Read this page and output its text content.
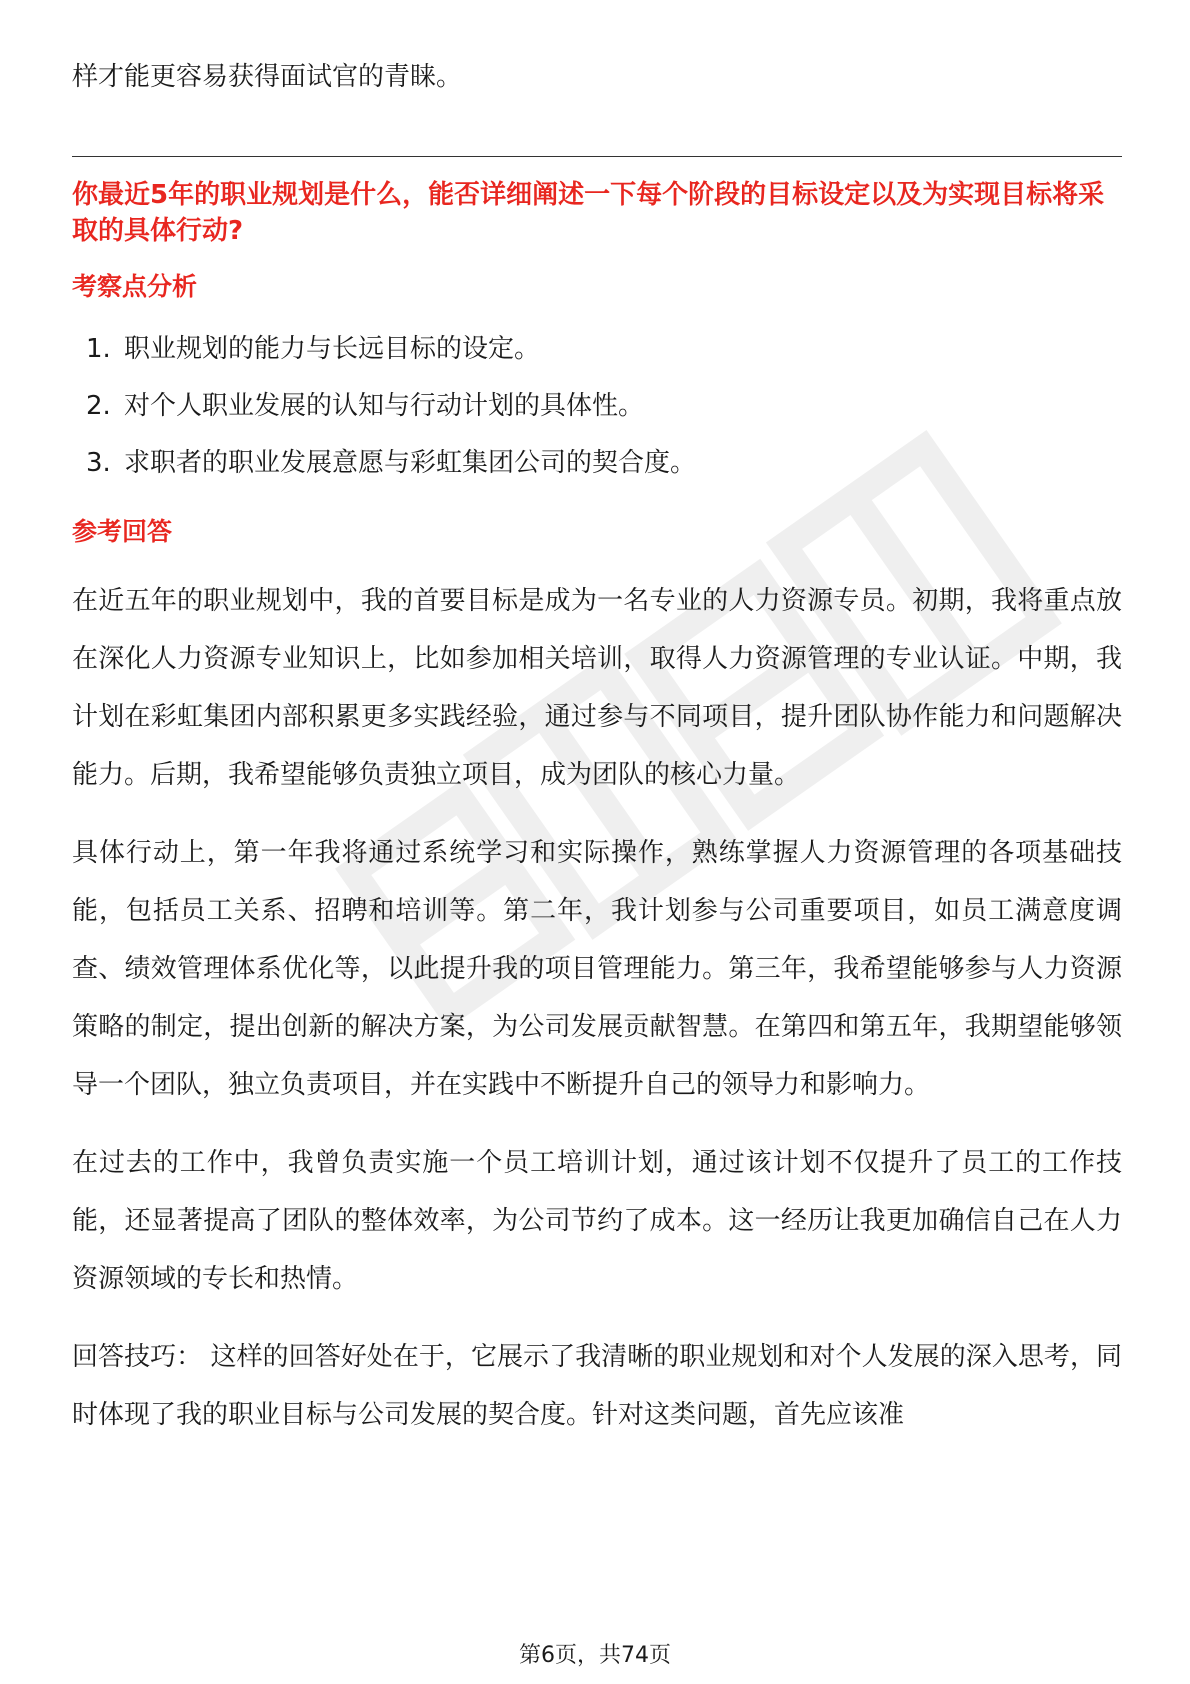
样才能更容易获得面试官的青睐。

你最近5年的职业规划是什么，能否详细阐述一下每个阶段的目标设定以及为实现目标将采取的具体行动?

考察点分析
1. 职业规划的能力与长远目标的设定。
2. 对个人职业发展的认知与行动计划的具体性。
3. 求职者的职业发展意愿与彩虹集团公司的契合度。
参考回答

在近五年的职业规划中，我的首要目标是成为一名专业的人力资源专员。初期，我将重点放在深化人力资源专业知识上，比如参加相关培训，取得人力资源管理的专业认证。中期，我计划在彩虹集团内部积累更多实践经验，通过参与不同项目，提升团队协作能力和问题解决能力。后期，我希望能够负责独立项目，成为团队的核心力量。

具体行动上，第一年我将通过系统学习和实际操作，熟练掌握人力资源管理的各项基础技能，包括员工关系、招聘和培训等。第二年，我计划参与公司重要项目，如员工满意度调查、绩效管理体系优化等，以此提升我的项目管理能力。第三年，我希望能够参与人力资源策略的制定，提出创新的解决方案，为公司发展贡献智慧。在第四和第五年，我期望能够领导一个团队，独立负责项目，并在实践中不断提升自己的领导力和影响力。

在过去的工作中，我曾负责实施一个员工培训计划，通过该计划不仅提升了员工的工作技能，还显著提高了团队的整体效率，为公司节约了成本。这一经历让我更加确信自己在人力资源领域的专长和热情。

回答技巧： 这样的回答好处在于，它展示了我清晰的职业规划和对个人发展的深入思考，同时体现了我的职业目标与公司发展的契合度。针对这类问题，首先应该准

第6页，共74页
